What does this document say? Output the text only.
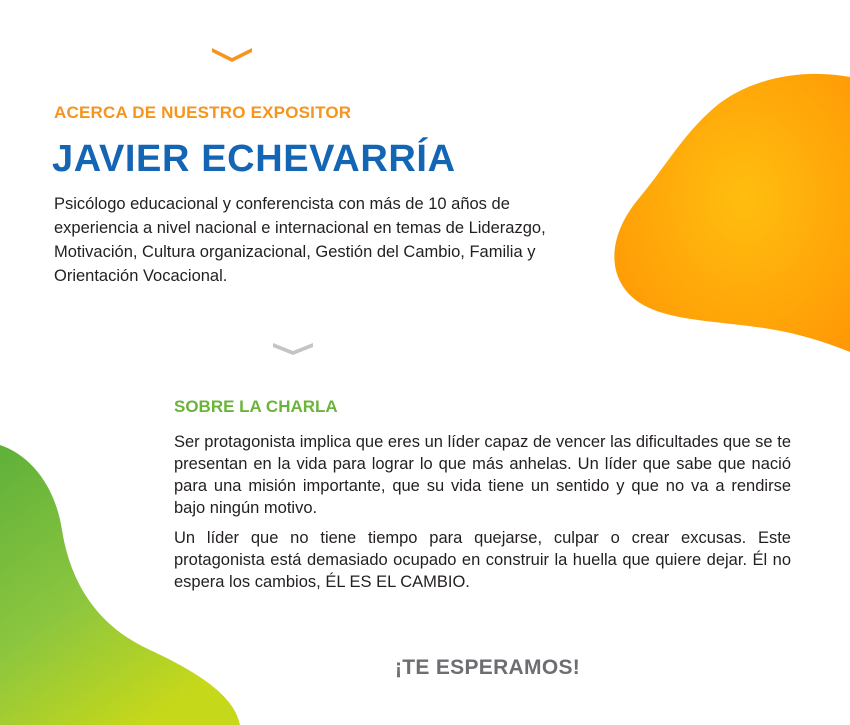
ACERCA DE NUESTRO EXPOSITOR
JAVIER ECHEVARRÍA

Psicólogo educacional y conferencista con más de 10 años de experiencia a nivel nacional e internacional en temas de Liderazgo, Motivación, Cultura organizacional, Gestión del Cambio, Familia y Orientación Vocacional.

SOBRE LA CHARLA

Ser protagonista implica que eres un líder capaz de vencer las dificultades que se te presentan en la vida para lograr lo que más anhelas. Un líder que sabe que nació para una misión importante, que su vida tiene un sentido y que no va a rendirse bajo ningún motivo.

Un líder que no tiene tiempo para quejarse, culpar o crear excusas. Este protagonista está demasiado ocupado en construir la huella que quiere dejar. Él no espera los cambios, ÉL ES EL CAMBIO.

¡TE ESPERAMOS!
